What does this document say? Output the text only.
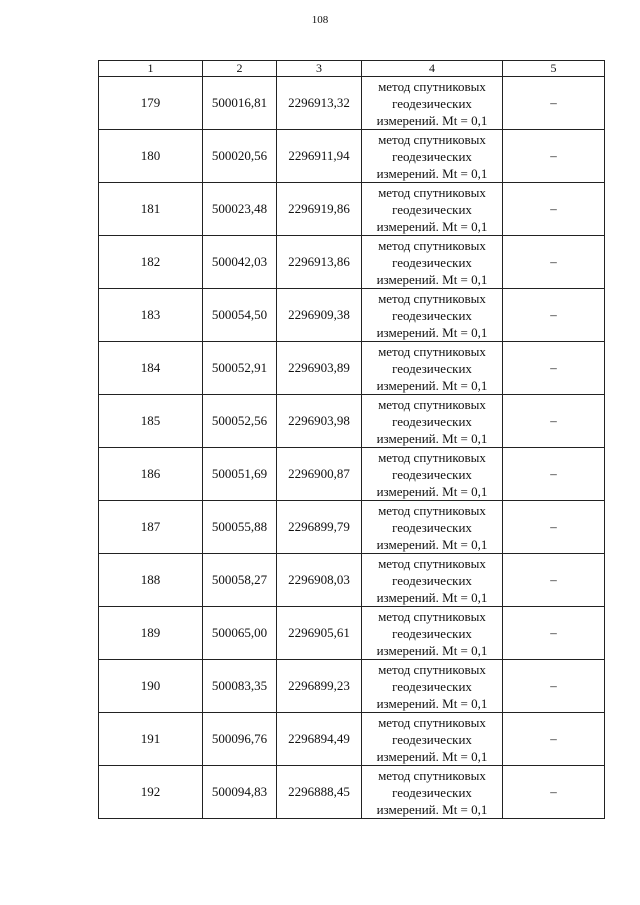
108
1	2	3	4	5
179	500016,81	2296913,32	метод спутниковых геодезических измерений. Mt = 0,1	–
180	500020,56	2296911,94	метод спутниковых геодезических измерений. Mt = 0,1	–
181	500023,48	2296919,86	метод спутниковых геодезических измерений. Mt = 0,1	–
182	500042,03	2296913,86	метод спутниковых геодезических измерений. Mt = 0,1	–
183	500054,50	2296909,38	метод спутниковых геодезических измерений. Mt = 0,1	–
184	500052,91	2296903,89	метод спутниковых геодезических измерений. Mt = 0,1	–
185	500052,56	2296903,98	метод спутниковых геодезических измерений. Mt = 0,1	–
186	500051,69	2296900,87	метод спутниковых геодезических измерений. Mt = 0,1	–
187	500055,88	2296899,79	метод спутниковых геодезических измерений. Mt = 0,1	–
188	500058,27	2296908,03	метод спутниковых геодезических измерений. Mt = 0,1	–
189	500065,00	2296905,61	метод спутниковых геодезических измерений. Mt = 0,1	–
190	500083,35	2296899,23	метод спутниковых геодезических измерений. Mt = 0,1	–
191	500096,76	2296894,49	метод спутниковых геодезических измерений. Mt = 0,1	–
192	500094,83	2296888,45	метод спутниковых геодезических измерений. Mt = 0,1	–
